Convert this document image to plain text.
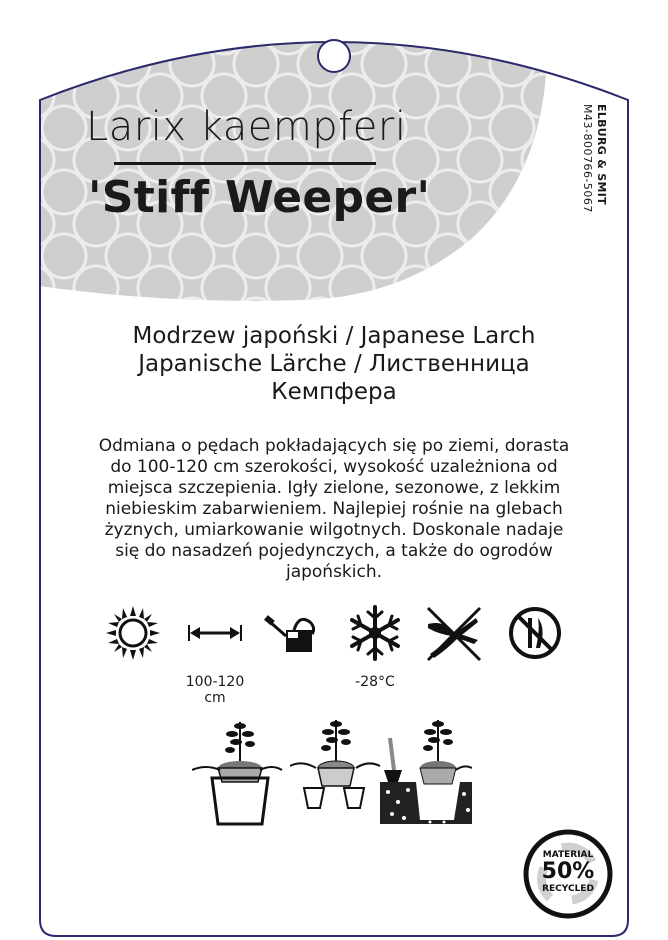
Larix kaempferi
'Stiff Weeper'	ELBURG & SMIT
M43-800766-5067
Modrzew japoński / Japanese Larch
Japanische Lärche / Лиственница
Кемпфера
Odmiana o pędach pokładających się po ziemi, dorasta
do 100-120 cm szerokości, wysokość uzależniona od
miejsca szczepienia. Igły zielone, sezonowe, z lekkim
niebieskim zabarwieniem. Najlepiej rośnie na glebach
żyznych, umiarkowanie wilgotnych. Doskonale nadaje
się do nasadzeń pojedynczych, a także do ogrodów
japońskich.
100-120
cm
-28°C
MATERIAL
50%
RECYCLED
